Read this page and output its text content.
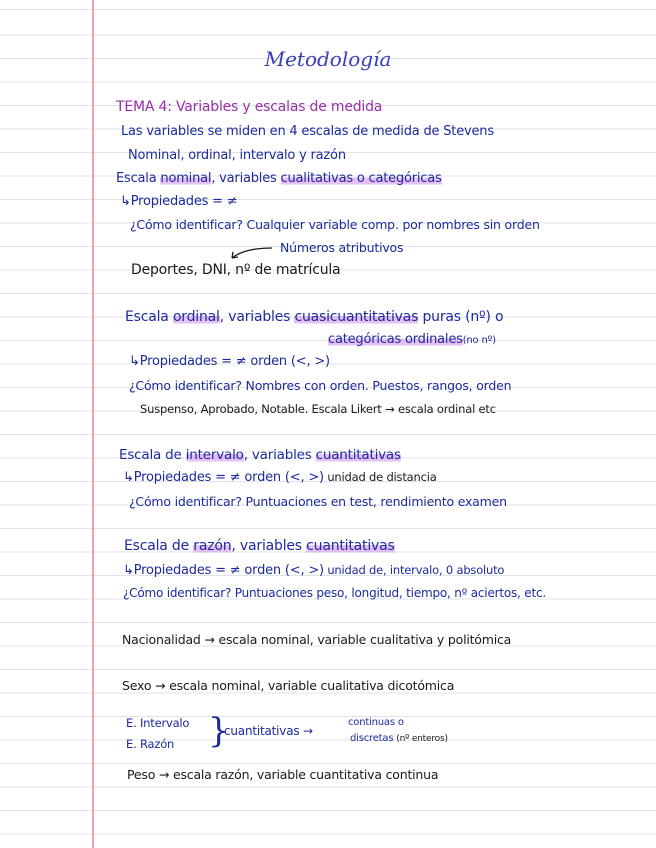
Metodología
TEMA 4: Variables y escalas de medida
Las variables se miden en 4 escalas de medida de Stevens
Nominal, ordinal, intervalo y razón
Escala nominal, variables cualitativas o categóricas
↳Propiedades = ≠
¿Cómo identificar? Cualquier variable comp. por nombres sin orden
Números atributivos
Deportes, DNI, nº de matrícula
Escala ordinal, variables cuasicuantitativas puras (nº) o
categóricas ordinales(no nº)
↳Propiedades = ≠ orden (<, >)
¿Cómo identificar? Nombres con orden. Puestos, rangos, orden
Suspenso, Aprobado, Notable. Escala Likert → escala ordinal etc
Escala de intervalo, variables cuantitativas
↳Propiedades = ≠ orden (<, >) unidad de distancia
¿Cómo identificar? Puntuaciones en test, rendimiento examen
Escala de razón, variables cuantitativas
↳Propiedades = ≠ orden (<, >) unidad de, intervalo, 0 absoluto
¿Cómo identificar? Puntuaciones peso, longitud, tiempo, nº aciertos, etc.
Nacionalidad → escala nominal, variable cualitativa y politómica
Sexo → escala nominal, variable cualitativa dicotómica
E. Intervalo
E. Razón }
cuantitativas →
continuas o
discretas (nº enteros)
Peso → escala razón, variable cuantitativa continua
